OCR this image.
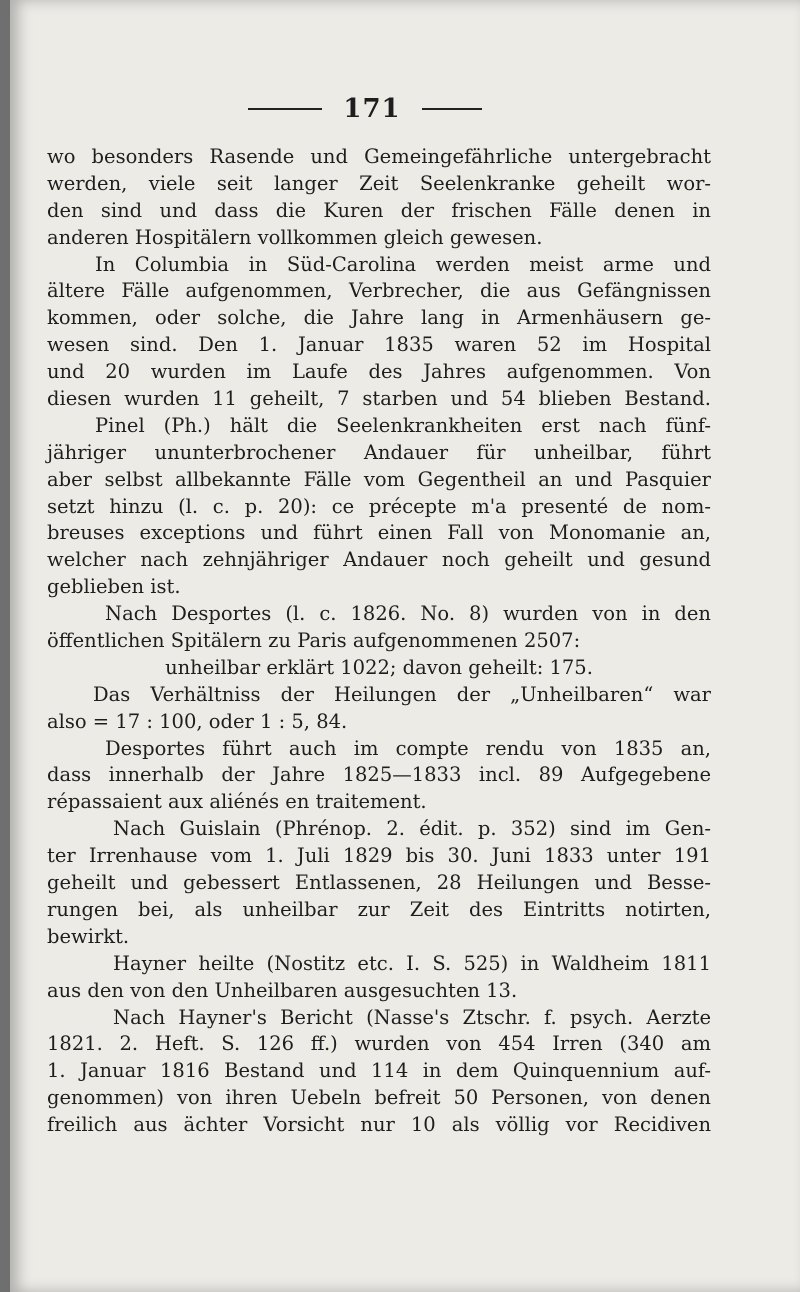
171
wo besonders Rasende und Gemeingefährliche untergebracht
werden, viele seit langer Zeit Seelenkranke geheilt wor-
den sind und dass die Kuren der frischen Fälle denen in
anderen Hospitälern vollkommen gleich gewesen.
In Columbia in Süd-Carolina werden meist arme und
ältere Fälle aufgenommen, Verbrecher, die aus Gefängnissen
kommen, oder solche, die Jahre lang in Armenhäusern ge-
wesen sind. Den 1. Januar 1835 waren 52 im Hospital
und 20 wurden im Laufe des Jahres aufgenommen. Von
diesen wurden 11 geheilt, 7 starben und 54 blieben Bestand.
Pinel (Ph.) hält die Seelenkrankheiten erst nach fünf-
jähriger ununterbrochener Andauer für unheilbar, führt
aber selbst allbekannte Fälle vom Gegentheil an und Pasquier
setzt hinzu (l. c. p. 20): ce précepte m'a presenté de nom-
breuses exceptions und führt einen Fall von Monomanie an,
welcher nach zehnjähriger Andauer noch geheilt und gesund
geblieben ist.
Nach Desportes (l. c. 1826. No. 8) wurden von in den
öffentlichen Spitälern zu Paris aufgenommenen 2507:
unheilbar erklärt 1022; davon geheilt: 175.
Das Verhältniss der Heilungen der „Unheilbaren“ war
also = 17 : 100, oder 1 : 5, 84.
Desportes führt auch im compte rendu von 1835 an,
dass innerhalb der Jahre 1825—1833 incl. 89 Aufgegebene
répassaient aux aliénés en traitement.
Nach Guislain (Phrénop. 2. édit. p. 352) sind im Gen-
ter Irrenhause vom 1. Juli 1829 bis 30. Juni 1833 unter 191
geheilt und gebessert Entlassenen, 28 Heilungen und Besse-
rungen bei, als unheilbar zur Zeit des Eintritts notirten,
bewirkt.
Hayner heilte (Nostitz etc. I. S. 525) in Waldheim 1811
aus den von den Unheilbaren ausgesuchten 13.
Nach Hayner's Bericht (Nasse's Ztschr. f. psych. Aerzte
1821. 2. Heft. S. 126 ff.) wurden von 454 Irren (340 am
1. Januar 1816 Bestand und 114 in dem Quinquennium auf-
genommen) von ihren Uebeln befreit 50 Personen, von denen
freilich aus ächter Vorsicht nur 10 als völlig vor Recidiven
